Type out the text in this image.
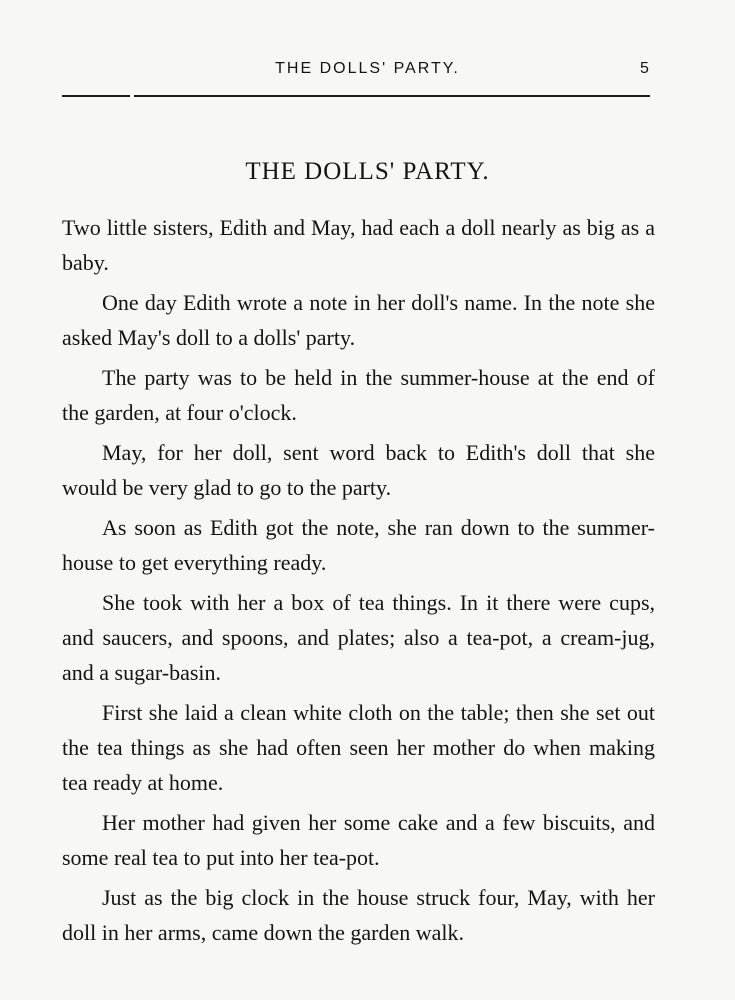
THE DOLLS' PARTY.	5
THE DOLLS' PARTY.

Two little sisters, Edith and May, had each a doll nearly as big as a baby.

One day Edith wrote a note in her doll's name. In the note she asked May's doll to a dolls' party.

The party was to be held in the summer-house at the end of the garden, at four o'clock.

May, for her doll, sent word back to Edith's doll that she would be very glad to go to the party.

As soon as Edith got the note, she ran down to the summer-house to get everything ready.

She took with her a box of tea things. In it there were cups, and saucers, and spoons, and plates; also a tea-pot, a cream-jug, and a sugar-basin.

First she laid a clean white cloth on the table; then she set out the tea things as she had often seen her mother do when making tea ready at home.

Her mother had given her some cake and a few biscuits, and some real tea to put into her tea-pot.

Just as the big clock in the house struck four, May, with her doll in her arms, came down the garden walk.
